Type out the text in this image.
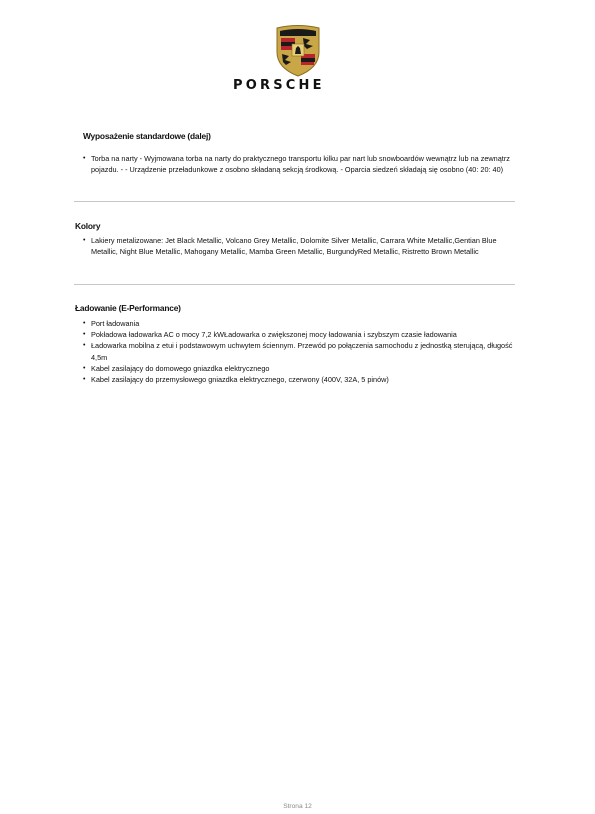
PORSCHE
Wyposażenie standardowe (dalej)
• Torba na narty - Wyjmowana torba na narty do praktycznego transportu kilku par nart lub snowboardów wewnątrz lub na zewnątrz pojazdu. - - Urządzenie przeładunkowe z osobno składaną sekcją środkową. - Oparcia siedzeń składają się osobno (40: 20: 40)
Kolory
• Lakiery metalizowane: Jet Black Metallic, Volcano Grey Metallic, Dolomite Silver Metallic, Carrara White Metallic,Gentian Blue Metallic, Night Blue Metallic, Mahogany Metallic, Mamba Green Metallic, BurgundyRed Metallic, Ristretto Brown Metallic
Ładowanie (E-Performance)
• Port ładowania
• Pokładowa ładowarka AC o mocy 7,2 kWŁadowarka o zwiększonej mocy ładowania i szybszym czasie ładowania
• Ładowarka mobilna z etui i podstawowym uchwytem ściennym. Przewód po połączenia samochodu z jednostką sterującą, długość 4,5m
• Kabel zasilający do domowego gniazdka elektrycznego
• Kabel zasilający do przemysłowego gniazdka elektrycznego, czerwony (400V, 32A, 5 pinów)
Strona 12
